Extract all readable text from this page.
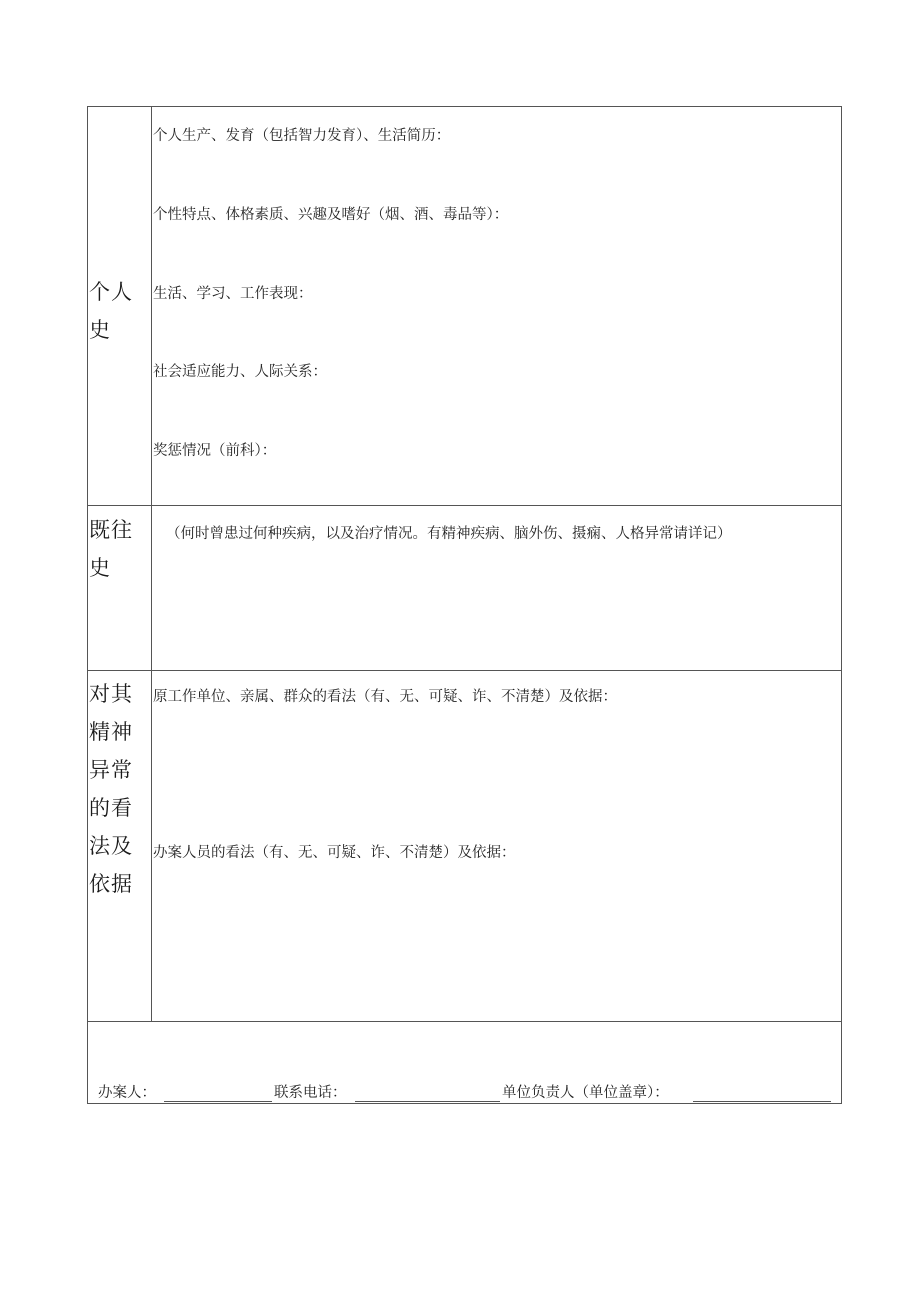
个人
史
个人生产、发育（包括智力发育）、生活简历：
个性特点、体格素质、兴趣及嗜好（烟、酒、毒品等）：
生活、学习、工作表现：
社会适应能力、人际关系：
奖惩情况（前科）：
既往
史
（何时曾患过何种疾病，以及治疗情况。有精神疾病、脑外伤、摄痫、人格异常请详记）
对其
精神
异常
的看
法及
依据
原工作单位、亲属、群众的看法（有、无、可疑、诈、不清楚）及依据：
办案人员的看法（有、无、可疑、诈、不清楚）及依据：
办案人：	联系电话：	单位负责人（单位盖章）：
